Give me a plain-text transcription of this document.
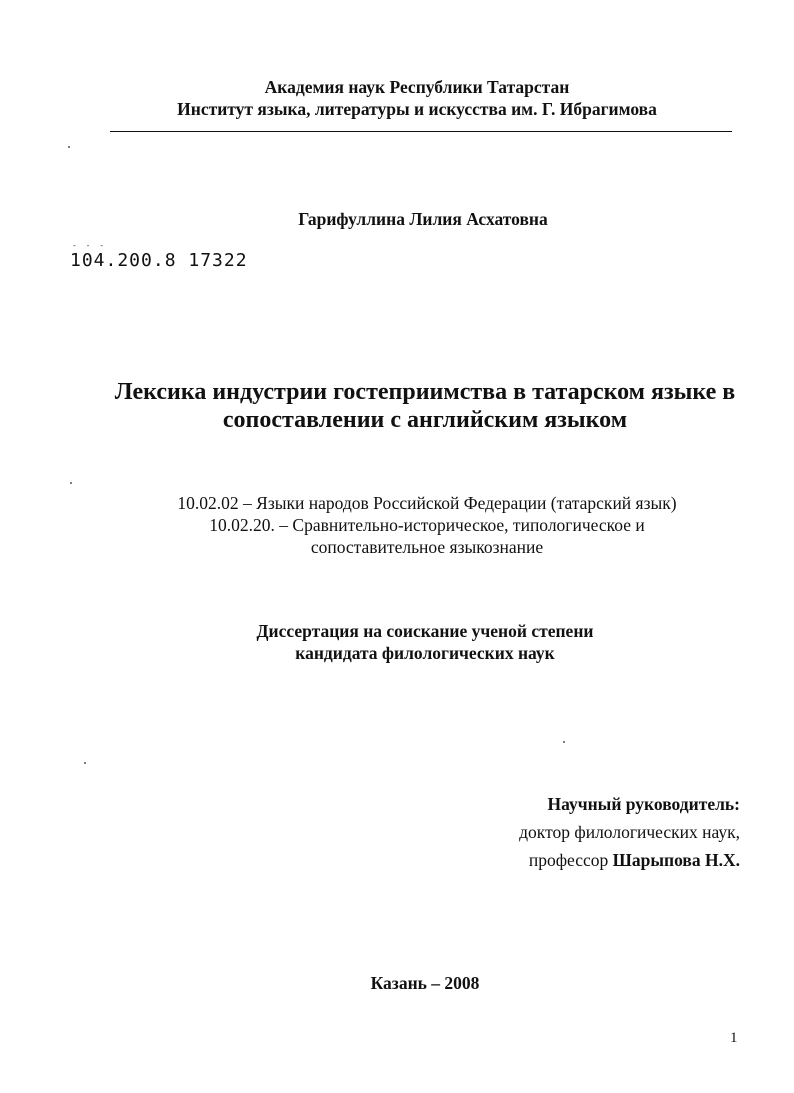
Академия наук Республики Татарстан
Институт языка, литературы и искусства им. Г. Ибрагимова
Гарифуллина Лилия Асхатовна
- - -
104.200.8 17322
Лексика индустрии гостеприимства в татарском языке в
сопоставлении с английским языком
10.02.02 – Языки народов Российской Федерации (татарский язык)
10.02.20. – Сравнительно-историческое, типологическое и
сопоставительное языкознание
Диссертация на соискание ученой степени
кандидата филологических наук
Научный руководитель:
доктор филологических наук,
профессор Шарыпова Н.Х.
Казань – 2008
1
